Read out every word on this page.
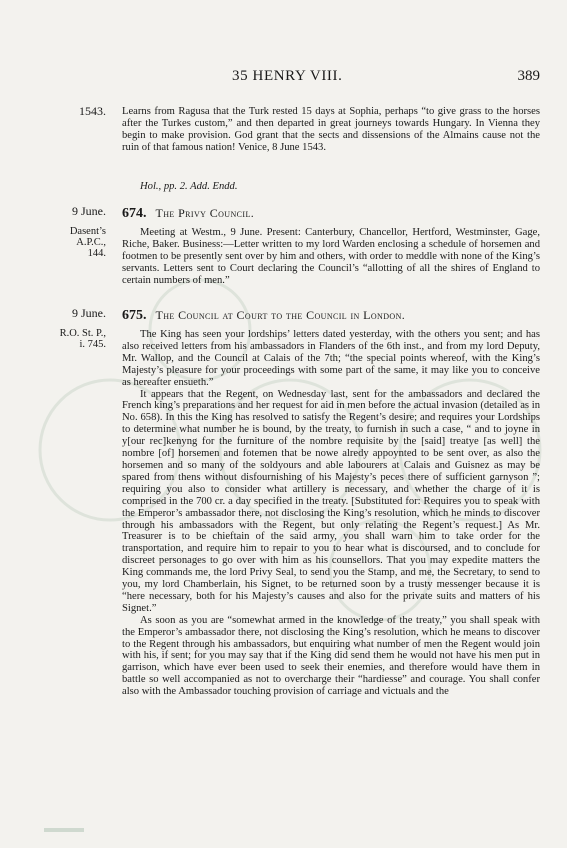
35 HENRY VIII.	389
1543. Learns from Ragusa that the Turk rested 15 days at Sophia, perhaps “to give grass to the horses after the Turkes custom,” and then departed in great journeys towards Hungary. In Vienna they begin to make provision. God grant that the sects and dissensions of the Almains cause not the ruin of that famous nation! Venice, 8 June 1543.

Hol., pp. 2. Add. Endd.
9 June.
Dasent’s A.P.C., 144.
674. The Privy Council.

Meeting at Westm., 9 June. Present: Canterbury, Chancellor, Hertford, Westminster, Gage, Riche, Baker. Business:—Letter written to my lord Warden enclosing a schedule of horsemen and footmen to be presently sent over by him and others, with order to meddle with none of the King’s servants. Letters sent to Court declaring the Council’s “allotting of all the shires of England to certain numbers of men.”

9 June.
R.O. St. P., i. 745.
675. The Council at Court to the Council in London.

The King has seen your lordships’ letters dated yesterday, with the others you sent; and has also received letters from his ambassadors in Flanders of the 6th inst., and from my lord Deputy, Mr. Wallop, and the Council at Calais of the 7th; “the special points whereof, with the King’s Majesty’s pleasure for your proceedings with some part of the same, it may like you to conceive as hereafter ensueth.”

It appears that the Regent, on Wednesday last, sent for the ambassadors and declared the French king’s preparations and her request for aid in men before the actual invasion (detailed as in No. 658). In this the King has resolved to satisfy the Regent’s desire; and requires your Lordships to determine what number he is bound, by the treaty, to furnish in such a case, “ and to joyne in y[our rec]kenyng for the furniture of the nombre requisite by the [said] treatye [as well] the nombre [of] horsemen and fotemen that be nowe alredy appoynted to be sent over, as also the horsemen and so many of the soldyours and able labourers at Calais and Guisnez as may be spared from thens without disfournishing of his Majesty’s peces there of sufficient garnyson ”; requiring you also to consider what artillery is necessary, and whether the charge of it is comprised in the 700 cr. a day specified in the treaty. [Substituted for: Requires you to speak with the Emperor’s ambassador there, not disclosing the King’s resolution, which he minds to discover through his ambassadors with the Regent, but only relating the Regent’s request.] As Mr. Treasurer is to be chieftain of the said army, you shall warn him to take order for the transportation, and require him to repair to you to hear what is discoursed, and to conclude for discreet personages to go over with him as his counsellors. That you may expedite matters the King commands me, the lord Privy Seal, to send you the Stamp, and me, the Secretary, to send to you, my lord Chamberlain, his Signet, to be returned soon by a trusty messenger because it is “here necessary, both for his Majesty’s causes and also for the private suits and matters of his Signet.”

As soon as you are “somewhat armed in the knowledge of the treaty,” you shall speak with the Emperor’s ambassador there, not disclosing the King’s resolution, which he means to discover to the Regent through his ambassadors, but enquiring what number of men the Regent would join with his, if sent; for you may say that if the King did send them he would not have his men put in garrison, which have ever been used to seek their enemies, and therefore would have them in battle so well accompanied as not to overcharge their “hardiesse” and courage. You shall confer also with the Ambassador touching provision of carriage and victuals and the
